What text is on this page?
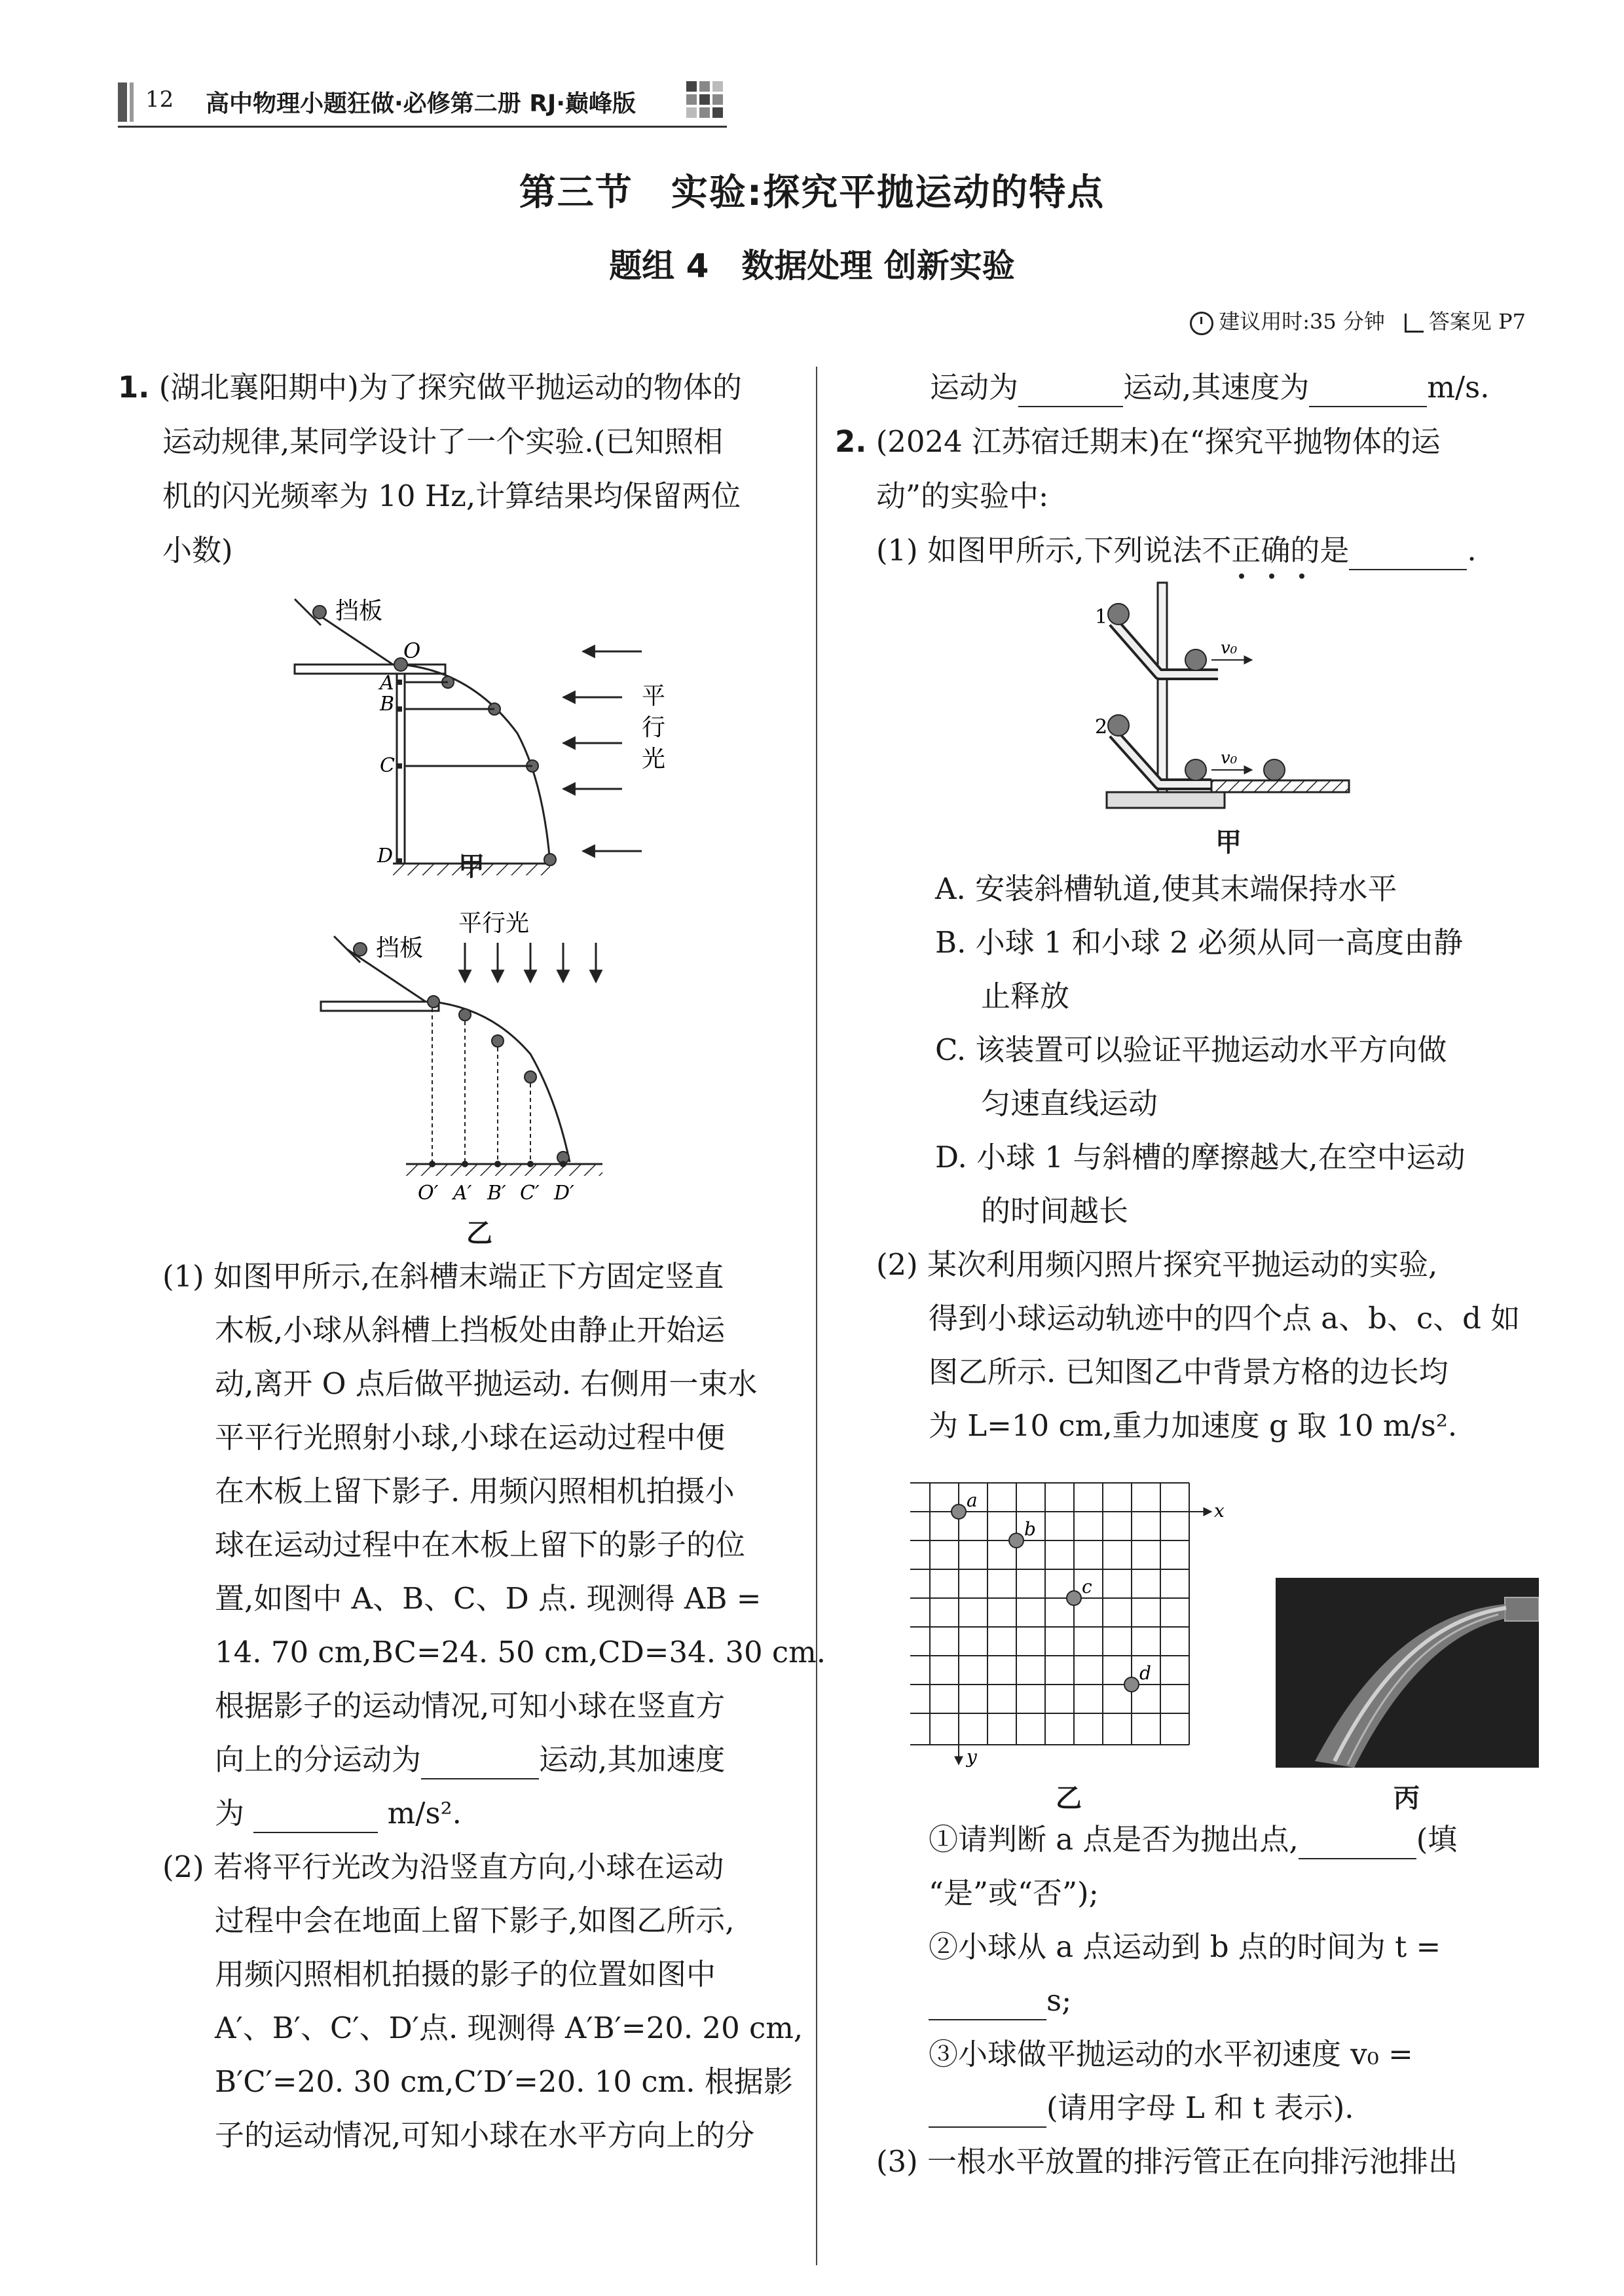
12 高中物理小题狂做·必修第二册 RJ·巅峰版
第三节　实验:探究平抛运动的特点
题组 4　数据处理 创新实验
建议用时:35 分钟 答案见 P7
1. (湖北襄阳期中)为了探究做平抛运动的物体的
运动规律,某同学设计了一个实验.(已知照相
机的闪光频率为 10 Hz,计算结果均保留两位
小数)
挡板
O
A
B
C
D
平
行
光
甲
挡板
平行光
O′ A′ B′ C′ D′
乙
(1) 如图甲所示,在斜槽末端正下方固定竖直
木板,小球从斜槽上挡板处由静止开始运
动,离开 O 点后做平抛运动. 右侧用一束水
平平行光照射小球,小球在运动过程中便
在木板上留下影子. 用频闪照相机拍摄小
球在运动过程中在木板上留下的影子的位
置,如图中 A、B、C、D 点. 现测得 AB =
14. 70 cm,BC=24. 50 cm,CD=34. 30 cm.
根据影子的运动情况,可知小球在竖直方
向上的分运动为	运动,其加速度
为	m/s².
(2) 若将平行光改为沿竖直方向,小球在运动
过程中会在地面上留下影子,如图乙所示,
用频闪照相机拍摄的影子的位置如图中
A′、B′、C′、D′点. 现测得 A′B′=20. 20 cm,
B′C′=20. 30 cm,C′D′=20. 10 cm. 根据影
子的运动情况,可知小球在水平方向上的分
运动为	运动,其速度为	m/s.
2. (2024 江苏宿迁期末)在“探究平抛物体的运
动”的实验中:
(1) 如图甲所示,下列说法不正确的是	.
1
v₀
2
v₀
甲
A. 安装斜槽轨道,使其末端保持水平
B. 小球 1 和小球 2 必须从同一高度由静
止释放
C. 该装置可以验证平抛运动水平方向做
匀速直线运动
D. 小球 1 与斜槽的摩擦越大,在空中运动
的时间越长
(2) 某次利用频闪照片探究平抛运动的实验,
得到小球运动轨迹中的四个点 a、b、c、d 如
图乙所示. 已知图乙中背景方格的边长均
为 L=10 cm,重力加速度 g 取 10 m/s².
x
y
a
b
c
d
乙	丙
①请判断 a 点是否为抛出点,	(填
“是”或“否”);
②小球从 a 点运动到 b 点的时间为 t =
s;
③小球做平抛运动的水平初速度 v₀ =
(请用字母 L 和 t 表示).
(3) 一根水平放置的排污管正在向排污池排出
